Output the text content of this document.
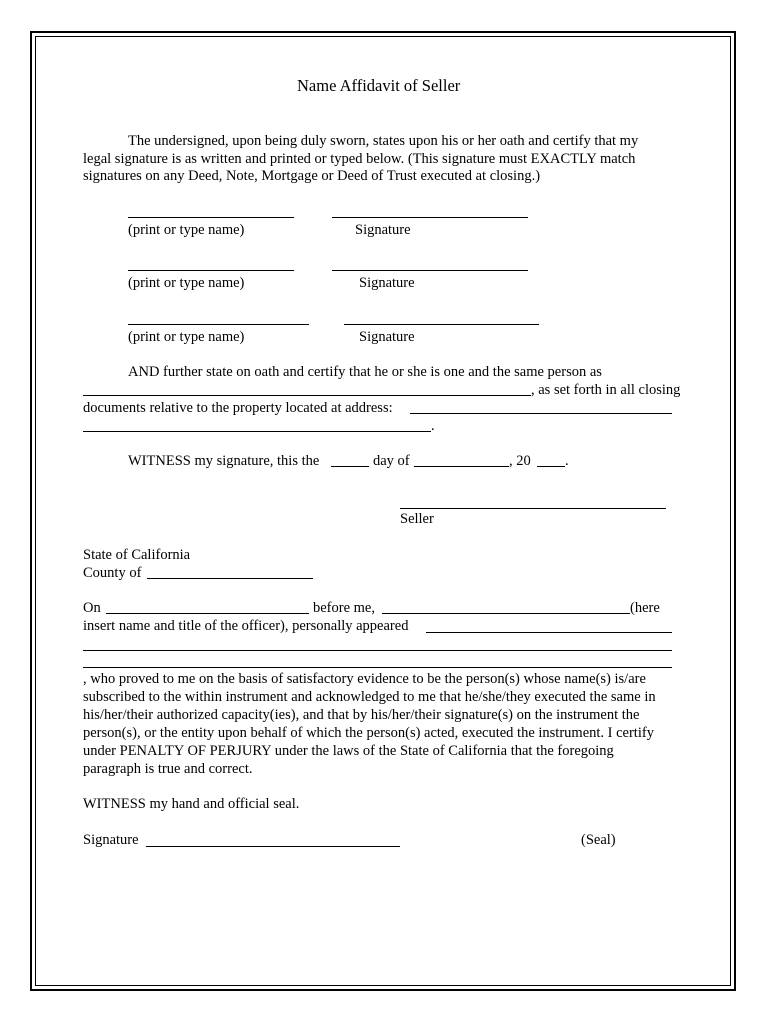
Name Affidavit of Seller
The undersigned, upon being duly sworn, states upon his or her oath and certify that my
legal signature is as written and printed or typed below. (This signature must EXACTLY match
signatures on any Deed, Note, Mortgage or Deed of Trust executed at closing.)
(print or type name)	Signature
(print or type name)	Signature
(print or type name)	Signature
AND further state on oath and certify that he or she is one and the same person as
, as set forth in all closing
documents relative to the property located at address:
.
WITNESS my signature, this the	day of	, 20 .
Seller
State of California
County of
On	before me,	(here
insert name and title of the officer), personally appeared
, who proved to me on the basis of satisfactory evidence to be the person(s) whose name(s) is/are
subscribed to the within instrument and acknowledged to me that he/she/they executed the same in
his/her/their authorized capacity(ies), and that by his/her/their signature(s) on the instrument the
person(s), or the entity upon behalf of which the person(s) acted, executed the instrument. I certify
under PENALTY OF PERJURY under the laws of the State of California that the foregoing
paragraph is true and correct.
WITNESS my hand and official seal.
Signature	(Seal)
